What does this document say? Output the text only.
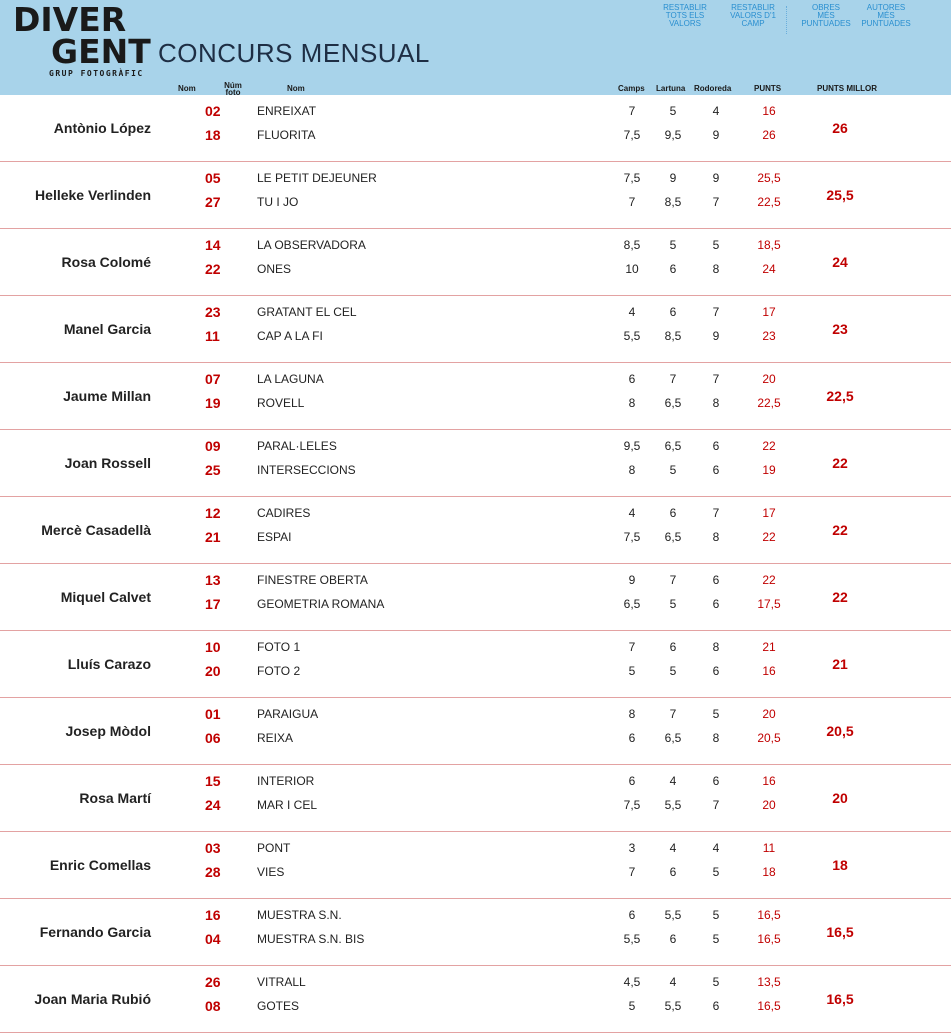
DIVER
GENT
GRUP FOTOGRÀFIC
CONCURS MENSUAL
RESTABLIR
TOTS ELS
VALORS
RESTABLIR
VALORS D'1
CAMP
OBRES
MÉS
PUNTUADES
AUTORES
MÉS
PUNTUADES
Nom	Núm
foto	Nom	Camps Lartuna Rodoreda	PUNTS	PUNTS MILLOR
Antònio López
02	ENREIXAT	7	5	4	16
18	FLUORITA	7,5	9,5	9	26	26
Helleke Verlinden
05	LE PETIT DEJEUNER	7,5	9	9	25,5
27	TU I JO	7	8,5	7	22,5	25,5
Rosa Colomé
14	LA OBSERVADORA	8,5	5	5	18,5
22	ONES	10	6	8	24	24
Manel Garcia
23	GRATANT EL CEL	4	6	7	17
11	CAP A LA FI	5,5	8,5	9	23	23
Jaume Millan
07	LA LAGUNA	6	7	7	20
19	ROVELL	8	6,5	8	22,5	22,5
Joan Rossell
09	PARAL·LELES	9,5	6,5	6	22
25	INTERSECCIONS	8	5	6	19	22
Mercè Casadellà
12	CADIRES	4	6	7	17
21	ESPAI	7,5	6,5	8	22	22
Miquel Calvet
13	FINESTRE OBERTA	9	7	6	22
17	GEOMETRIA ROMANA	6,5	5	6	17,5	22
Lluís Carazo
10	FOTO 1	7	6	8	21
20	FOTO 2	5	5	6	16	21
Josep Mòdol
01	PARAIGUA	8	7	5	20
06	REIXA	6	6,5	8	20,5	20,5
Rosa Martí
15	INTERIOR	6	4	6	16
24	MAR I CEL	7,5	5,5	7	20	20
Enric Comellas
03	PONT	3	4	4	11
28	VIES	7	6	5	18	18
Fernando Garcia
16	MUESTRA S.N.	6	5,5	5	16,5
04	MUESTRA S.N. BIS	5,5	6	5	16,5	16,5
Joan Maria Rubió
26	VITRALL	4,5	4	5	13,5
08	GOTES	5	5,5	6	16,5	16,5
